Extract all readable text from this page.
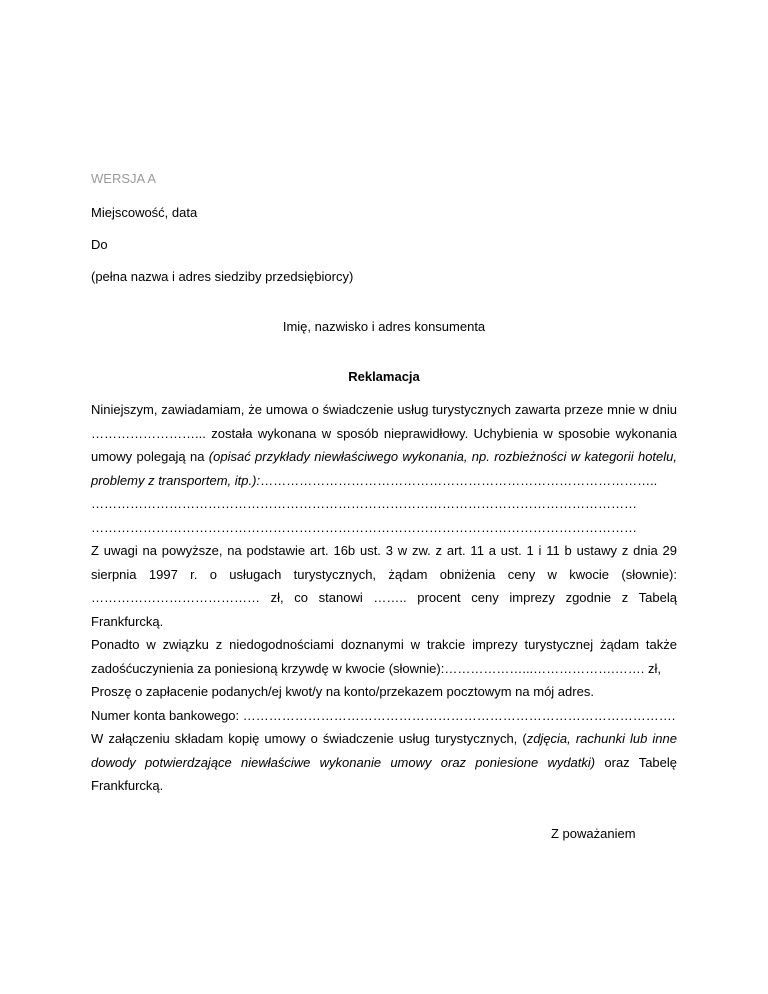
WERSJA A

Miejscowość, data

Do

(pełna nazwa i adres siedziby przedsiębiorcy)

Imię, nazwisko i adres konsumenta

Reklamacja

Niniejszym, zawiadamiam, że umowa o świadczenie usług turystycznych zawarta przeze mnie w dniu ……………………... została wykonana w sposób nieprawidłowy. Uchybienia w sposobie wykonania umowy polegają na (opisać przykłady niewłaściwego wykonania, np. rozbieżności w kategorii hotelu, problemy z transportem, itp.):………………………………………………………………………………..

………………………………………………………………………………………………………………
………………………………………………………………………………………………………………

Z uwagi na powyższe, na podstawie art. 16b ust. 3 w zw. z art. 11 a ust. 1 i 11 b ustawy z dnia 29 sierpnia 1997 r. o usługach turystycznych, żądam obniżenia ceny w kwocie (słownie): ………………………………… zł, co stanowi …….. procent ceny imprezy zgodnie z Tabelą Frankfurcką.

Ponadto w związku z niedogodnościami doznanymi w trakcie imprezy turystycznej żądam także zadośćuczynienia za poniesioną krzywdę w kwocie (słownie):………………...……………….……. zł,

Proszę o zapłacenie podanych/ej kwot/y na konto/przekazem pocztowym na mój adres.

Numer konta bankowego: ……………………………………………………………………………………….

W załączeniu składam kopię umowy o świadczenie usług turystycznych, (zdjęcia, rachunki lub inne dowody potwierdzające niewłaściwe wykonanie umowy oraz poniesione wydatki) oraz Tabelę Frankfurcką.

Z poważaniem
